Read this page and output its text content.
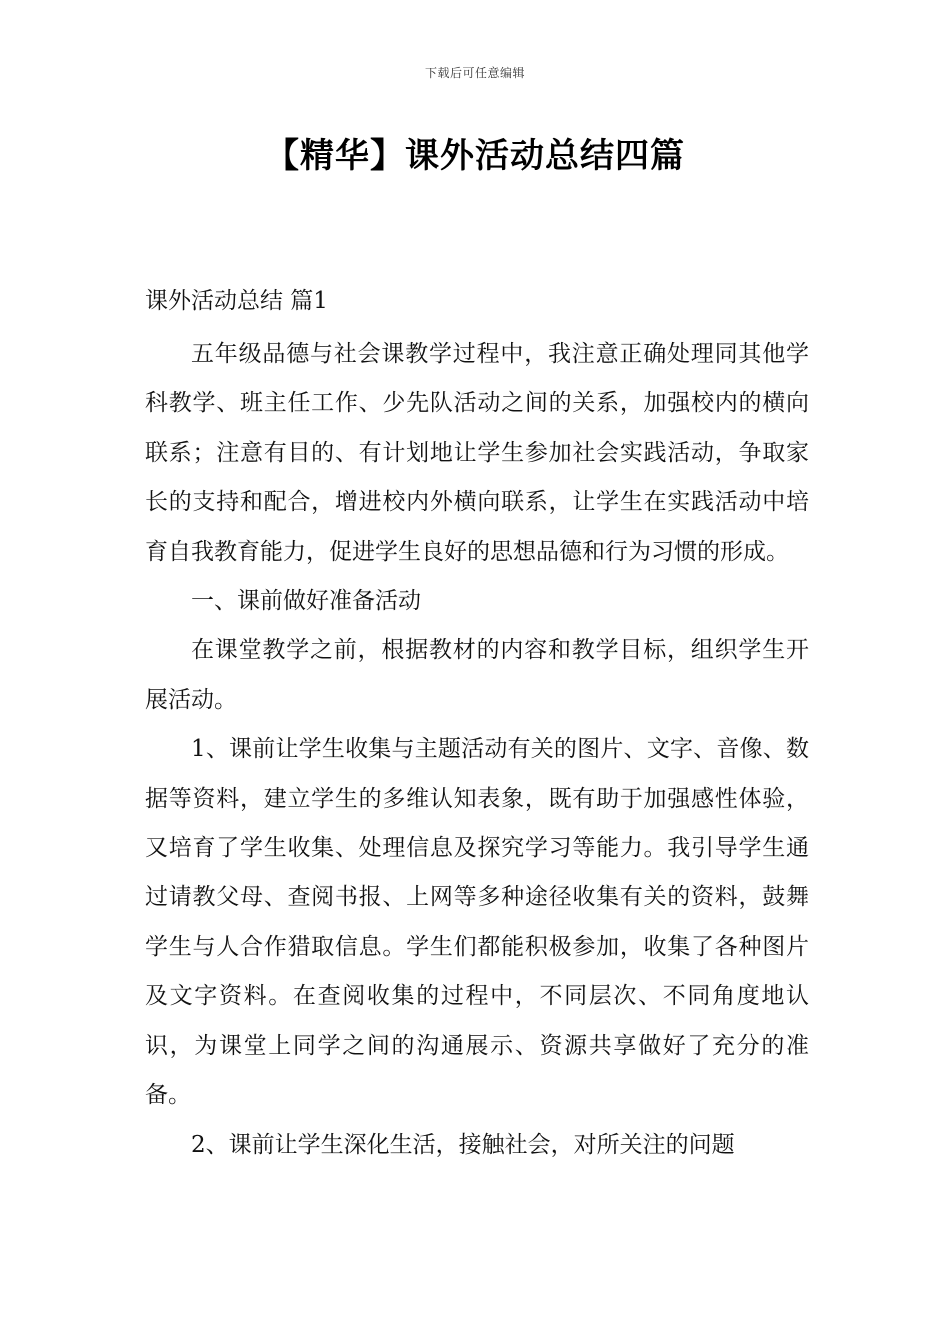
下载后可任意编辑
【精华】课外活动总结四篇
课外活动总结 篇1

五年级品德与社会课教学过程中，我注意正确处理同其他学科教学、班主任工作、少先队活动之间的关系，加强校内的横向联系；注意有目的、有计划地让学生参加社会实践活动，争取家长的支持和配合，增进校内外横向联系，让学生在实践活动中培育自我教育能力，促进学生良好的思想品德和行为习惯的形成。

一、课前做好准备活动

在课堂教学之前，根据教材的内容和教学目标，组织学生开展活动。

1、课前让学生收集与主题活动有关的图片、文字、音像、数据等资料，建立学生的多维认知表象，既有助于加强感性体验，又培育了学生收集、处理信息及探究学习等能力。我引导学生通过请教父母、查阅书报、上网等多种途径收集有关的资料，鼓舞学生与人合作猎取信息。学生们都能积极参加，收集了各种图片及文字资料。在查阅收集的过程中，不同层次、不同角度地认识，为课堂上同学之间的沟通展示、资源共享做好了充分的准备。

2、课前让学生深化生活，接触社会，对所关注的问题
